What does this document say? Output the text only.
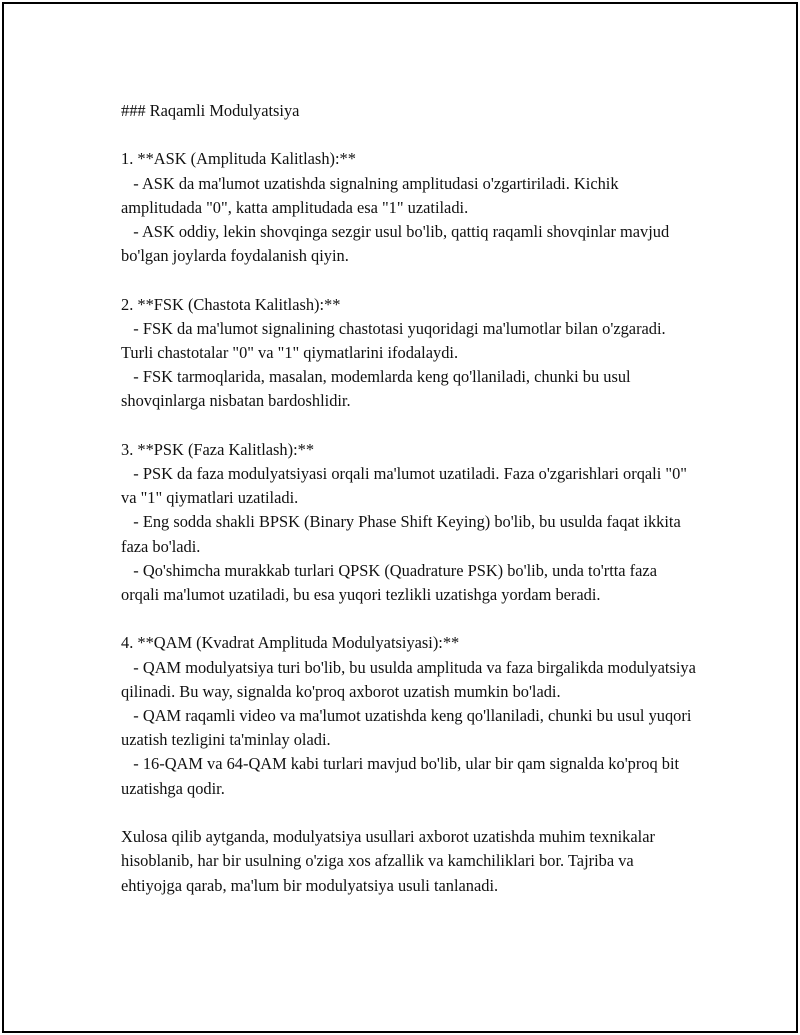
### Raqamli Modulyatsiya

1. **ASK (Amplituda Kalitlash):**

- ASK da ma'lumot uzatishda signalning amplitudasi o'zgartiriladi. Kichik amplitudada "0", katta amplitudada esa "1" uzatiladi.

- ASK oddiy, lekin shovqinga sezgir usul bo'lib, qattiq raqamli shovqinlar mavjud bo'lgan joylarda foydalanish qiyin.

2. **FSK (Chastota Kalitlash):**

- FSK da ma'lumot signalining chastotasi yuqoridagi ma'lumotlar bilan o'zgaradi. Turli chastotalar "0" va "1" qiymatlarini ifodalaydi.

- FSK tarmoqlarida, masalan, modemlarda keng qo'llaniladi, chunki bu usul shovqinlarga nisbatan bardoshlidir.

3. **PSK (Faza Kalitlash):**

- PSK da faza modulyatsiyasi orqali ma'lumot uzatiladi. Faza o'zgarishlari orqali "0" va "1" qiymatlari uzatiladi.

- Eng sodda shakli BPSK (Binary Phase Shift Keying) bo'lib, bu usulda faqat ikkita faza bo'ladi.

- Qo'shimcha murakkab turlari QPSK (Quadrature PSK) bo'lib, unda to'rtta faza orqali ma'lumot uzatiladi, bu esa yuqori tezlikli uzatishga yordam beradi.

4. **QAM (Kvadrat Amplituda Modulyatsiyasi):**

- QAM modulyatsiya turi bo'lib, bu usulda amplituda va faza birgalikda modulyatsiya qilinadi. Bu way, signalda ko'proq axborot uzatish mumkin bo'ladi.

- QAM raqamli video va ma'lumot uzatishda keng qo'llaniladi, chunki bu usul yuqori uzatish tezligini ta'minlay oladi.

- 16-QAM va 64-QAM kabi turlari mavjud bo'lib, ular bir qam signalda ko'proq bit uzatishga qodir.

Xulosa qilib aytganda, modulyatsiya usullari axborot uzatishda muhim texnikalar hisoblanib, har bir usulning o'ziga xos afzallik va kamchiliklari bor. Tajriba va ehtiyojga qarab, ma'lum bir modulyatsiya usuli tanlanadi.
